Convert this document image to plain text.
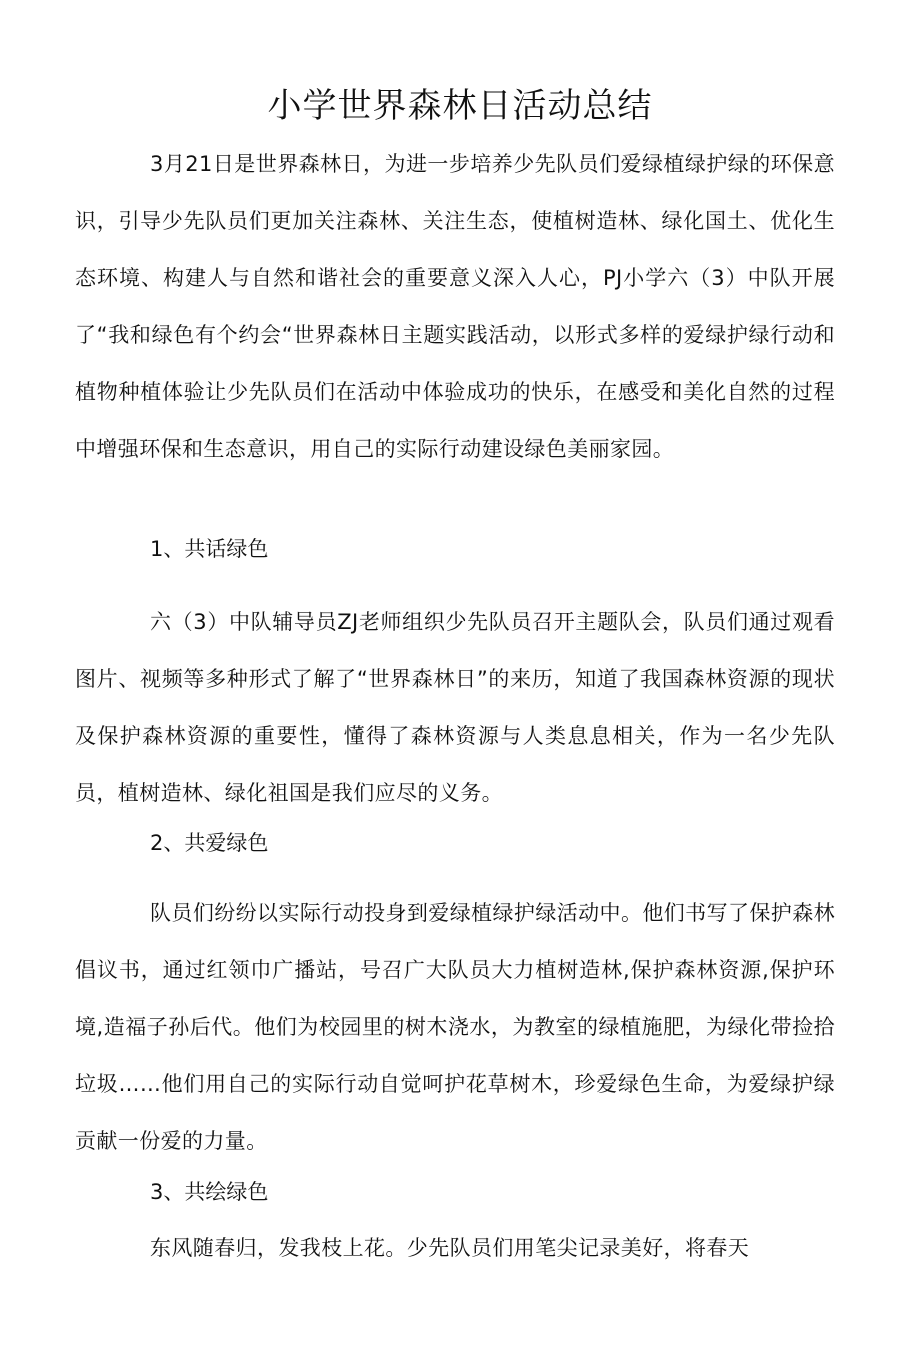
小学世界森林日活动总结

3月21日是世界森林日，为进一步培养少先队员们爱绿植绿护绿的环保意识，引导少先队员们更加关注森林、关注生态，使植树造林、绿化国土、优化生态环境、构建人与自然和谐社会的重要意义深入人心，PJ小学六（3）中队开展了“我和绿色有个约会“世界森林日主题实践活动，以形式多样的爱绿护绿行动和植物种植体验让少先队员们在活动中体验成功的快乐，在感受和美化自然的过程中增强环保和生态意识，用自己的实际行动建设绿色美丽家园。

1、共话绿色

六（3）中队辅导员ZJ老师组织少先队员召开主题队会，队员们通过观看图片、视频等多种形式了解了“世界森林日”的来历，知道了我国森林资源的现状及保护森林资源的重要性，懂得了森林资源与人类息息相关，作为一名少先队员，植树造林、绿化祖国是我们应尽的义务。

2、共爱绿色

队员们纷纷以实际行动投身到爱绿植绿护绿活动中。他们书写了保护森林倡议书，通过红领巾广播站，号召广大队员大力植树造林,保护森林资源,保护环境,造福子孙后代。他们为校园里的树木浇水，为教室的绿植施肥，为绿化带捡拾垃圾……他们用自己的实际行动自觉呵护花草树木，珍爱绿色生命，为爱绿护绿贡献一份爱的力量。

3、共绘绿色

东风随春归，发我枝上花。少先队员们用笔尖记录美好，将春天
